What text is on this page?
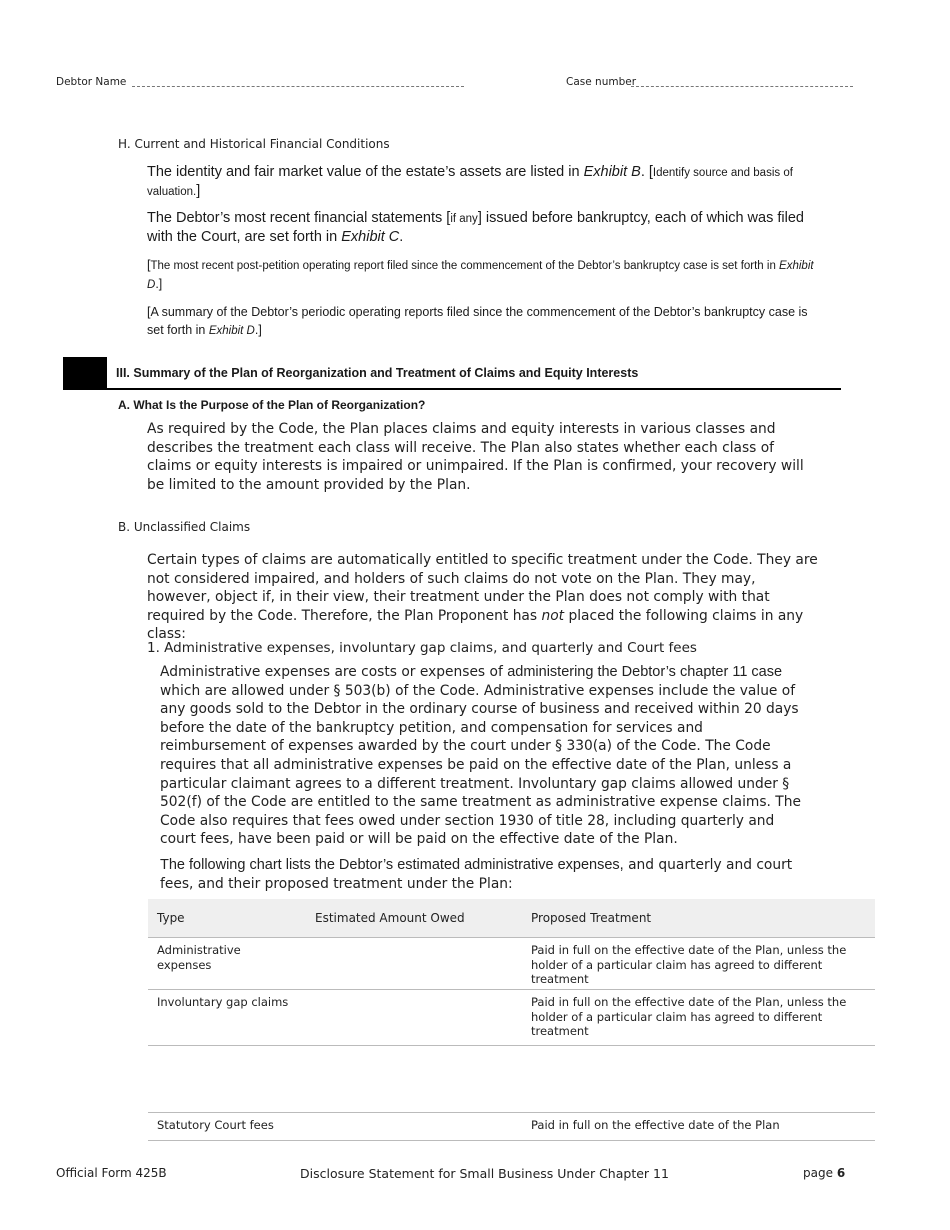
Debtor Name	Case number
H. Current and Historical Financial Conditions
The identity and fair market value of the estate’s assets are listed in Exhibit B. [Identify source and basis of valuation.]
The Debtor’s most recent financial statements [if any] issued before bankruptcy, each of which was filed with the Court, are set forth in Exhibit C.
[The most recent post-petition operating report filed since the commencement of the Debtor’s bankruptcy case is set forth in Exhibit D.]
[A summary of the Debtor’s periodic operating reports filed since the commencement of the Debtor’s bankruptcy case is set forth in Exhibit D.]
III. Summary of the Plan of Reorganization and Treatment of Claims and Equity Interests
A. What Is the Purpose of the Plan of Reorganization?
As required by the Code, the Plan places claims and equity interests in various classes and describes the treatment each class will receive. The Plan also states whether each class of claims or equity interests is impaired or unimpaired. If the Plan is confirmed, your recovery will be limited to the amount provided by the Plan.
B. Unclassified Claims
Certain types of claims are automatically entitled to specific treatment under the Code. They are not considered impaired, and holders of such claims do not vote on the Plan. They may, however, object if, in their view, their treatment under the Plan does not comply with that required by the Code. Therefore, the Plan Proponent has not placed the following claims in any class:
1. Administrative expenses, involuntary gap claims, and quarterly and Court fees
Administrative expenses are costs or expenses of administering the Debtor’s chapter 11 case which are allowed under § 503(b) of the Code. Administrative expenses include the value of any goods sold to the Debtor in the ordinary course of business and received within 20 days before the date of the bankruptcy petition, and compensation for services and reimbursement of expenses awarded by the court under § 330(a) of the Code. The Code requires that all administrative expenses be paid on the effective date of the Plan, unless a particular claimant agrees to a different treatment. Involuntary gap claims allowed under § 502(f) of the Code are entitled to the same treatment as administrative expense claims. The Code also requires that fees owed under section 1930 of title 28, including quarterly and court fees, have been paid or will be paid on the effective date of the Plan.
The following chart lists the Debtor’s estimated administrative expenses, and quarterly and court fees, and their proposed treatment under the Plan:
Type	Estimated Amount Owed	Proposed Treatment
Administrative expenses		Paid in full on the effective date of the Plan, unless the holder of a particular claim has agreed to different treatment
Involuntary gap claims		Paid in full on the effective date of the Plan, unless the holder of a particular claim has agreed to different treatment

Statutory Court fees		Paid in full on the effective date of the Plan
Official Form 425B	Disclosure Statement for Small Business Under Chapter 11	page 6
